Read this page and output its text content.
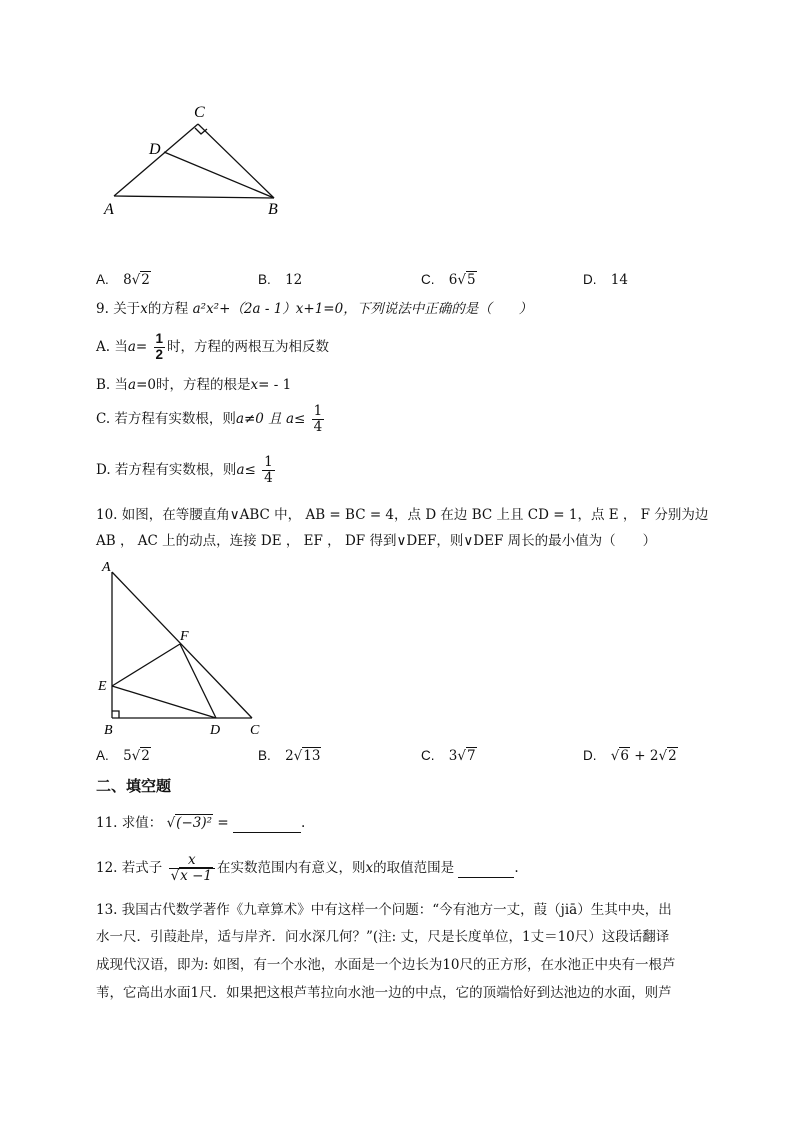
C
D
A	B
A. 8√2	B. 12	C. 6√5	D. 14
9. 关于x的方程 a²x²+（2a - 1）x+1=0，下列说法中正确的是（　　）
A. 当$a= \frac{1}{2}$ 时，方程的两根互为相反数
B. 当a=0时，方程的根是x= - 1
C. 若方程有实数根，则a≠0 且 $a\le \frac{1}{4}$
D. 若方程有实数根，则$a\le \frac{1}{4}$
10. 如图，在等腰直角∨ABC 中， AB = BC = 4，点 D 在边 BC 上且 CD = 1，点 E ， F 分别为边
AB ， AC 上的动点，连接 DE ， EF ， DF 得到∨DEF，则∨DEF 周长的最小值为（　　）
A
F
E
B	D C
A. 5√2	B. 2√13	C. 3√7	D. √6 + 2√2
二、填空题
11. 求值： √(−3)² =	.
12. 若式子 $\frac{x}{√x -1}$ 在实数范围内有意义，则x的取值范围是	.
13. 我国古代数学著作《九章算术》中有这样一个问题：“今有池方一丈，葭（jiā）生其中央，出
水一尺．引葭赴岸，适与岸齐．问水深几何？”(注: 丈，尺是长度单位，1丈＝10尺）这段话翻译
成现代汉语，即为: 如图，有一个水池，水面是一个边长为10尺的正方形，在水池正中央有一根芦
苇，它高出水面1尺．如果把这根芦苇拉向水池一边的中点，它的顶端恰好到达池边的水面，则芦
